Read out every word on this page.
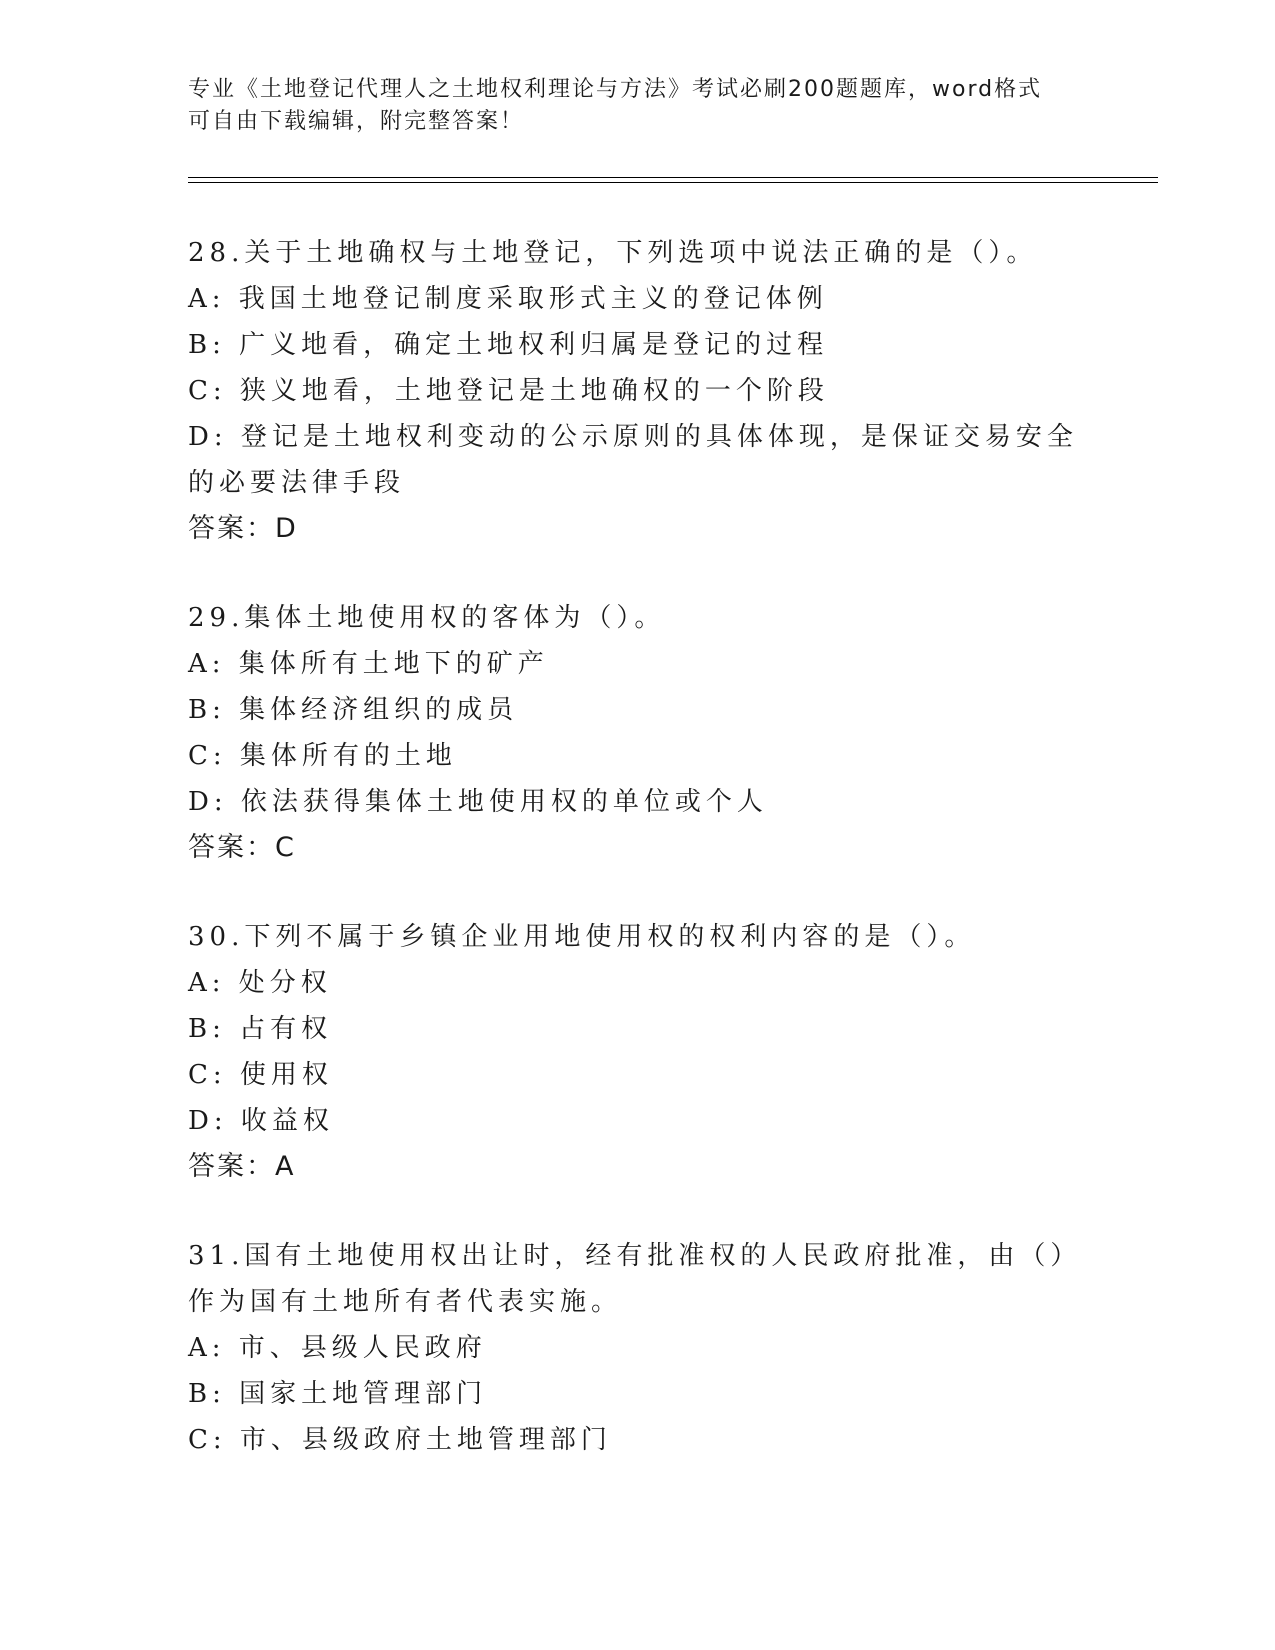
专业《土地登记代理人之土地权利理论与方法》考试必刷200题题库，word格式
可自由下载编辑，附完整答案！

28.关于土地确权与土地登记，下列选项中说法正确的是（）。

A: 我国土地登记制度采取形式主义的登记体例

B: 广义地看，确定土地权利归属是登记的过程

C: 狭义地看，土地登记是土地确权的一个阶段

D: 登记是土地权利变动的公示原则的具体体现，是保证交易安全的必要法律手段

答案：D

29.集体土地使用权的客体为（）。

A: 集体所有土地下的矿产

B: 集体经济组织的成员

C: 集体所有的土地

D: 依法获得集体土地使用权的单位或个人

答案：C

30.下列不属于乡镇企业用地使用权的权利内容的是（）。

A: 处分权

B: 占有权

C: 使用权

D: 收益权

答案：A

31.国有土地使用权出让时，经有批准权的人民政府批准，由（）作为国有土地所有者代表实施。

A: 市、县级人民政府

B: 国家土地管理部门

C: 市、县级政府土地管理部门
